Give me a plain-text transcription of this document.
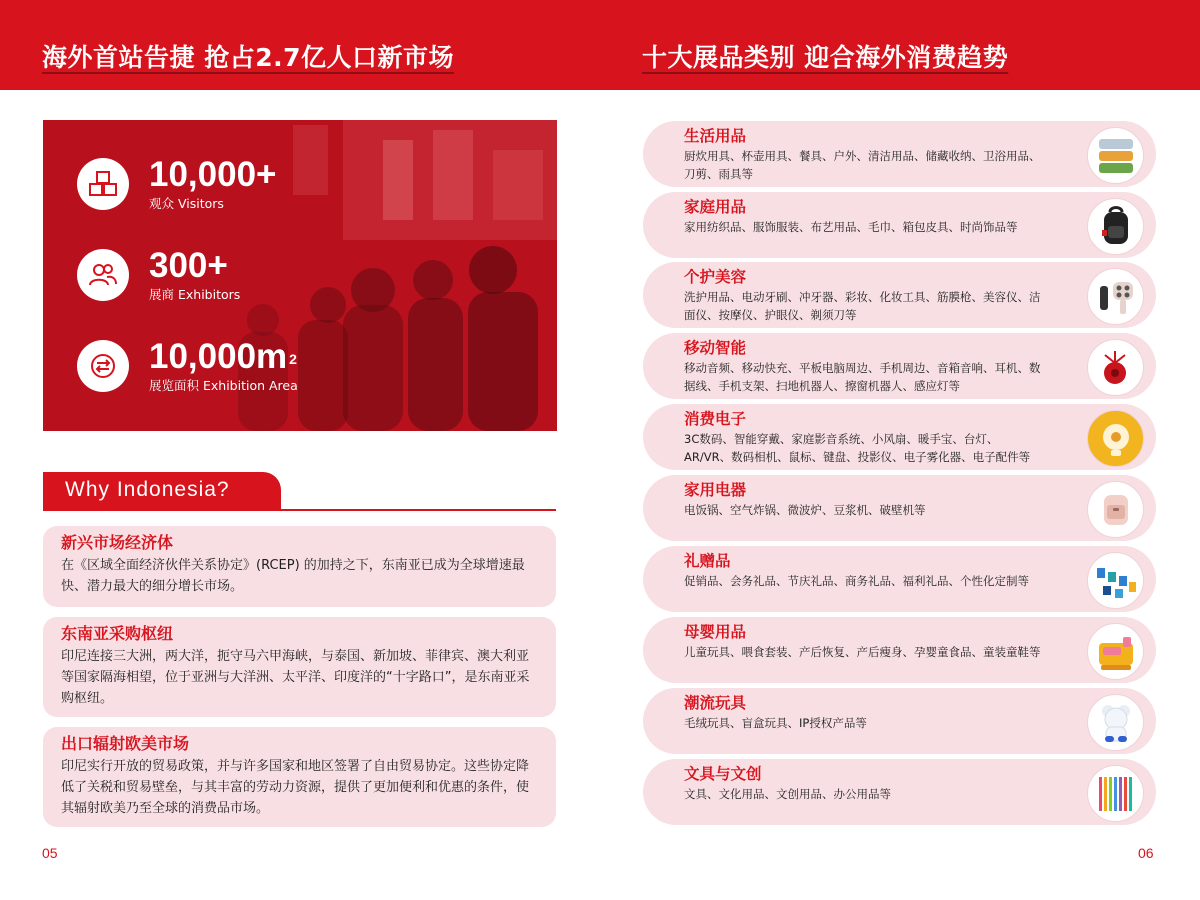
海外首站告捷 抢占2.7亿人口新市场	十大展品类别 迎合海外消费趋势
10,000+
观众 Visitors
300+
展商 Exhibitors
10,000m $^2$
展览面积 Exhibition Area
Why Indonesia?
新兴市场经济体
在《区域全面经济伙伴关系协定》(RCEP) 的加持之下，东南亚已成为全球增速最快、潜力最大的细分增长市场。
东南亚采购枢纽
印尼连接三大洲，两大洋，扼守马六甲海峡，与泰国、新加坡、菲律宾、澳大利亚等国家隔海相望，位于亚洲与大洋洲、太平洋、印度洋的“十字路口”，是东南亚采购枢纽。
出口辐射欧美市场
印尼实行开放的贸易政策，并与许多国家和地区签署了自由贸易协定。这些协定降低了关税和贸易壁垒，与其丰富的劳动力资源，提供了更加便利和优惠的条件，使其辐射欧美乃至全球的消费品市场。
05
生活用品
厨炊用具、杯壶用具、餐具、户外、清洁用品、储藏收纳、卫浴用品、刀剪、雨具等
家庭用品
家用纺织品、服饰服装、布艺用品、毛巾、箱包皮具、时尚饰品等
个护美容
洗护用品、电动牙刷、冲牙器、彩妆、化妆工具、筋膜枪、美容仪、洁面仪、按摩仪、护眼仪、剃须刀等
移动智能
移动音频、移动快充、平板电脑周边、手机周边、音箱音响、耳机、数据线、手机支架、扫地机器人、擦窗机器人、感应灯等
消费电子
3C数码、智能穿戴、家庭影音系统、小风扇、暖手宝、台灯、AR/VR、数码相机、鼠标、键盘、投影仪、电子雾化器、电子配件等
家用电器
电饭锅、空气炸锅、微波炉、豆浆机、破壁机等
礼赠品
促销品、会务礼品、节庆礼品、商务礼品、福利礼品、个性化定制等
母婴用品
儿童玩具、喂食套装、产后恢复、产后瘦身、孕婴童食品、童装童鞋等
潮流玩具
毛绒玩具、盲盒玩具、IP授权产品等
文具与文创
文具、文化用品、文创用品、办公用品等
06
